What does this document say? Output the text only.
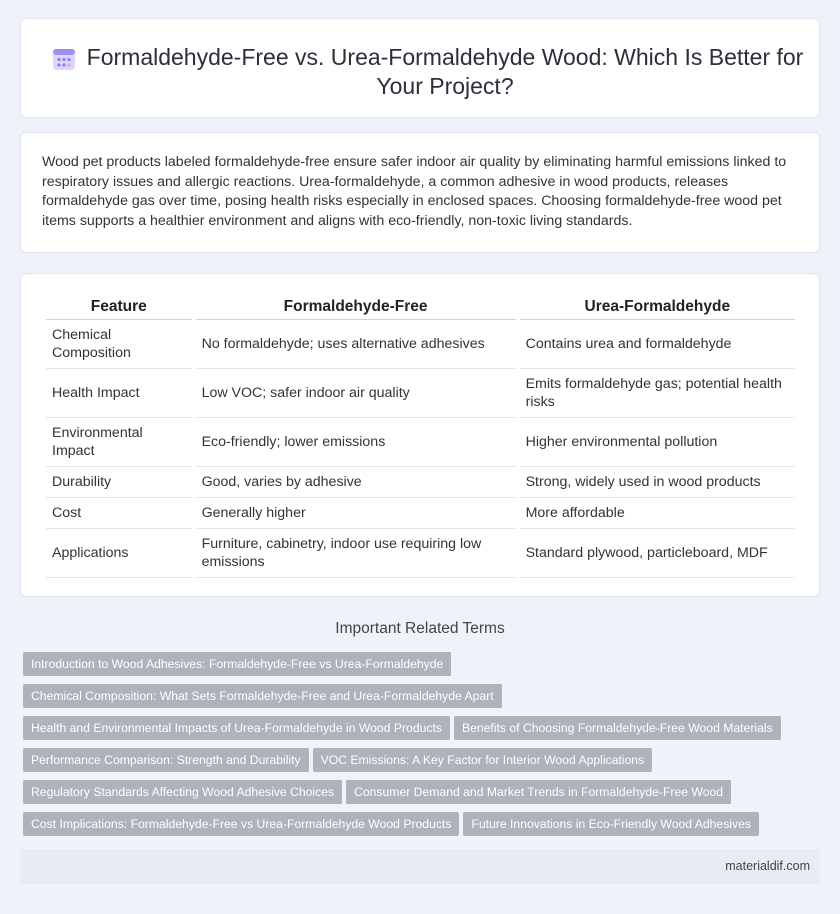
Formaldehyde-Free vs. Urea-Formaldehyde Wood: Which Is Better for Your Project?

Wood pet products labeled formaldehyde-free ensure safer indoor air quality by eliminating harmful emissions linked to respiratory issues and allergic reactions. Urea-formaldehyde, a common adhesive in wood products, releases formaldehyde gas over time, posing health risks especially in enclosed spaces. Choosing formaldehyde-free wood pet items supports a healthier environment and aligns with eco-friendly, non-toxic living standards.

Feature	Formaldehyde-Free	Urea-Formaldehyde
Chemical Composition	No formaldehyde; uses alternative adhesives	Contains urea and formaldehyde
Health Impact	Low VOC; safer indoor air quality	Emits formaldehyde gas; potential health risks
Environmental Impact	Eco-friendly; lower emissions	Higher environmental pollution
Durability	Good, varies by adhesive	Strong, widely used in wood products
Cost	Generally higher	More affordable
Applications	Furniture, cabinetry, indoor use requiring low emissions	Standard plywood, particleboard, MDF
Important Related Terms
Introduction to Wood Adhesives: Formaldehyde-Free vs Urea-Formaldehyde
Chemical Composition: What Sets Formaldehyde-Free and Urea-Formaldehyde Apart
Health and Environmental Impacts of Urea-Formaldehyde in Wood Products Benefits of Choosing Formaldehyde-Free Wood Materials
Performance Comparison: Strength and Durability VOC Emissions: A Key Factor for Interior Wood Applications
Regulatory Standards Affecting Wood Adhesive Choices Consumer Demand and Market Trends in Formaldehyde-Free Wood
Cost Implications: Formaldehyde-Free vs Urea-Formaldehyde Wood Products Future Innovations in Eco-Friendly Wood Adhesives
materialdif.com
